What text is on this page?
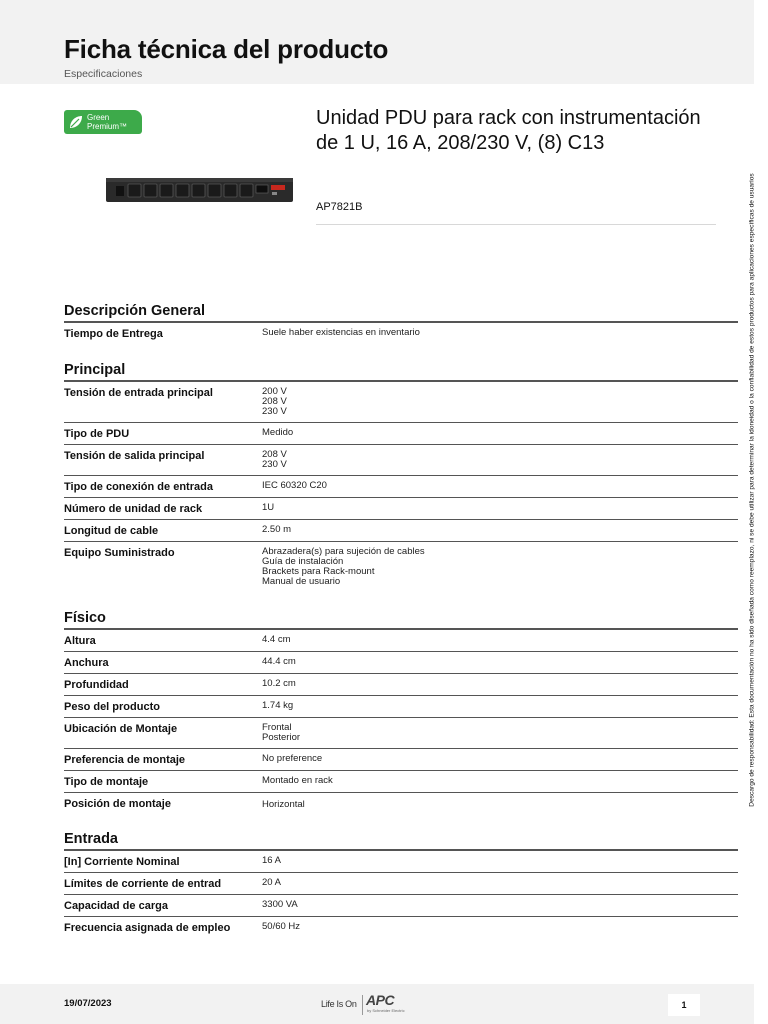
Ficha técnica del producto
Especificaciones
Green
Premium™	Unidad PDU para rack con instrumentación de 1 U, 16 A, 208/230 V, (8) C13
AP7821B
Descripción General
Tiempo de Entrega	Suele haber existencias en inventario
Principal
Tensión de entrada principal	200 V
208 V
230 V
Tipo de PDU	Medido
Tensión de salida principal	208 V
230 V
Tipo de conexión de entrada	IEC 60320 C20
Número de unidad de rack	1U
Longitud de cable	2.50 m
Equipo Suministrado	Abrazadera(s) para sujeción de cables
Guía de instalación
Brackets para Rack-mount
Manual de usuario
Físico
Altura	4.4 cm
Anchura	44.4 cm
Profundidad	10.2 cm
Peso del producto	1.74 kg
Ubicación de Montaje	Frontal
Posterior
Preferencia de montaje	No preference
Tipo de montaje	Montado en rack
Posición de montaje	Horizontal
Entrada
[In] Corriente Nominal	16 A
Límites de corriente de entrad	20 A
Capacidad de carga	3300 VA
Frecuencia asignada de empleo	50/60 Hz
Descargo de responsabilidad: Esta documentación no ha sido diseñada como reemplazo, ni se debe utilizar para determinar la idoneidad o la confiabilidad de estos productos para aplicaciones específicas de usuarios
19/07/2023	Life Is On APC
by Schneider Electric
1
